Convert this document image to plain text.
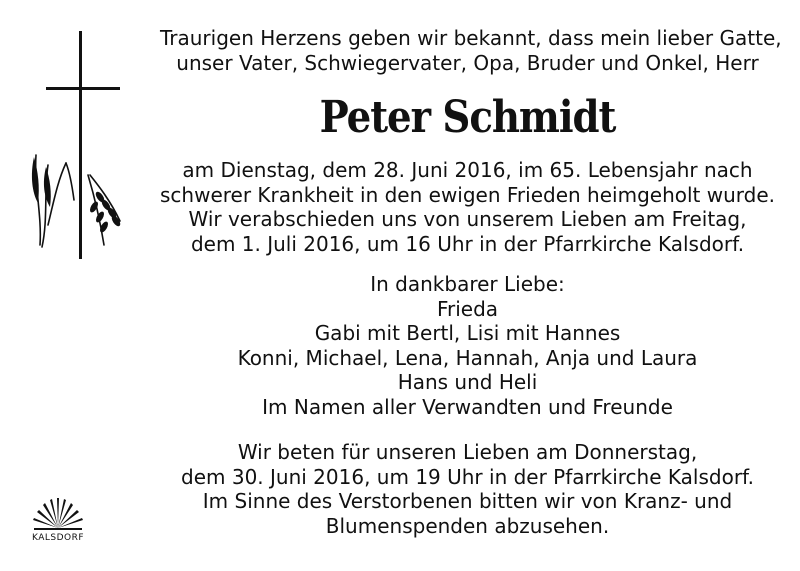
Traurigen Herzens geben wir bekannt, dass mein lieber Gatte,
unser Vater, Schwiegervater, Opa, Bruder und Onkel, Herr
Peter Schmidt
am Dienstag, dem 28. Juni 2016, im 65. Lebensjahr nach
schwerer Krankheit in den ewigen Frieden heimgeholt wurde.
Wir verabschieden uns von unserem Lieben am Freitag,
dem 1. Juli 2016, um 16 Uhr in der Pfarrkirche Kalsdorf.
In dankbarer Liebe:
Frieda
Gabi mit Bertl, Lisi mit Hannes
Konni, Michael, Lena, Hannah, Anja und Laura
Hans und Heli
Im Namen aller Verwandten und Freunde
Wir beten für unseren Lieben am Donnerstag,
dem 30. Juni 2016, um 19 Uhr in der Pfarrkirche Kalsdorf.
Im Sinne des Verstorbenen bitten wir von Kranz- und
Blumenspenden abzusehen.
KALSDORF
